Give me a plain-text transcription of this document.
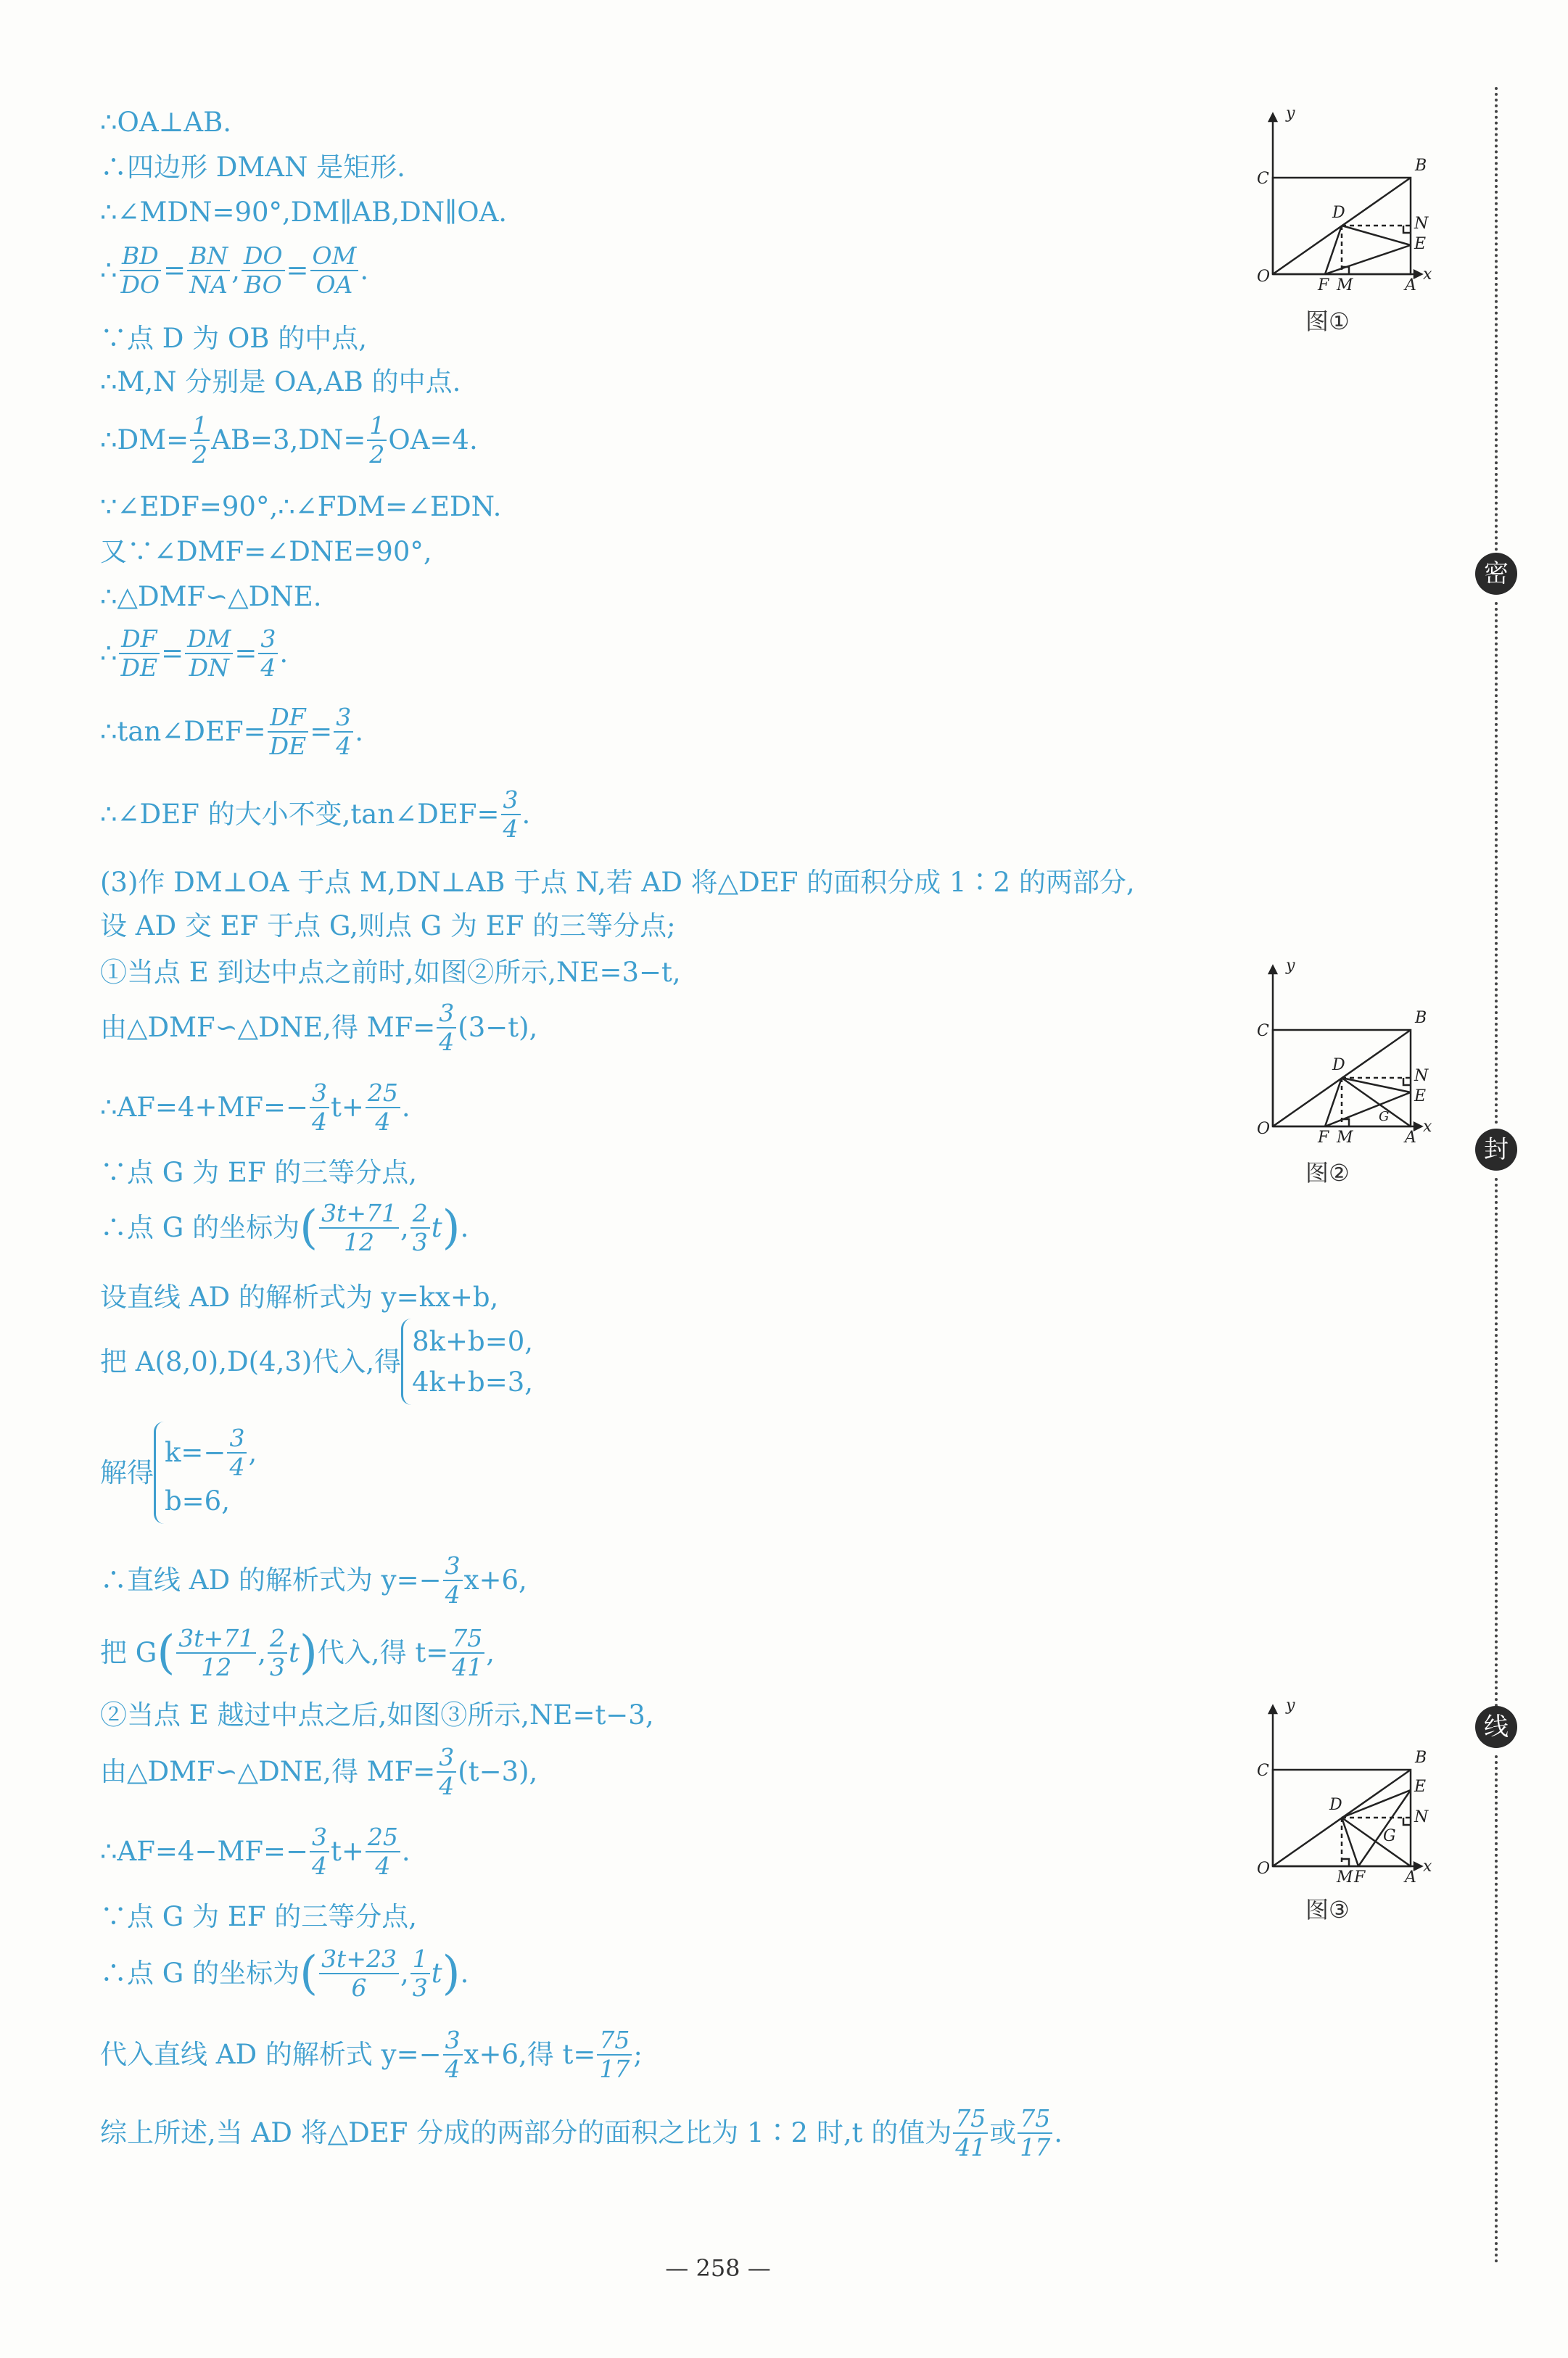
∴OA⊥AB.
∴四边形 DMAN 是矩形.
∴∠MDN=90°,DM∥AB,DN∥OA.
∴ $\frac{BD}{DO} = \frac{BN}{NA}$ , $\frac{DO}{BO} = \frac{OM}{OA}$ .
∵点 D 为 OB 的中点,
∴M,N 分别是 OA,AB 的中点.
∴DM= $\frac{1}{2} AB=3,DN= \frac{1}{2} OA=4$.
∵∠EDF=90°,∴∠FDM=∠EDN.
又∵∠DMF=∠DNE=90°,
∴△DMF∽△DNE.
∴ $\frac{DF}{DE} = \frac{DM}{DN} = \frac{3}{4}$ .
∴tan∠DEF= $\frac{DF}{DE} = \frac{3}{4}$ .
∴∠DEF 的大小不变,tan∠DEF= $\frac{3}{4}$ .
(3)作 DM⊥OA 于点 M,DN⊥AB 于点 N,若 AD 将△DEF 的面积分成 1∶2 的两部分,
设 AD 交 EF 于点 G,则点 G 为 EF 的三等分点;
①当点 E 到达中点之前时,如图②所示,NE=3−t,
由△DMF∽△DNE,得 $MF= \frac{3}{4} (3-t)$,
∴AF=4+MF=− $\frac{3}{4} t+ \frac{25}{4}$ .
∵点 G 为 EF 的三等分点,
∴点 G 的坐标为( $\frac{3t+71}{12}$ , $\frac{2}{3} t$).
设直线 AD 的解析式为 y=kx+b,
把 A(8,0),D(4,3)代入,得
8k+b=0,
4k+b=3,
解得
$k=- \frac{3}{4}$ ,
b=6,
∴直线 AD 的解析式为 $y=- \frac{3}{4} x+6$,
把 $G( \frac{3t+71}{12}$ , $\frac{2}{3} t$)代入,得 $t= \frac{75}{41}$ ,
②当点 E 越过中点之后,如图③所示,NE=t−3,
由△DMF∽△DNE,得 $MF= \frac{3}{4} (t-3)$,
∴AF=4−MF=− $\frac{3}{4} t+ \frac{25}{4}$ .
∵点 G 为 EF 的三等分点,
∴点 G 的坐标为( $\frac{3t+23}{6}$ , $\frac{1}{3} t$).
代入直线 AD 的解析式 $y=- \frac{3}{4} x+6$,得 $t= \frac{75}{17}$ ;
综上所述,当 AD 将△DEF 分成的两部分的面积之比为 1∶2 时,t 的值为 $\frac{75}{41}$ 或 $\frac{75}{17}$ .
y
x
O
C
B
A
D
N
E
F M
图①
y
x
O
C
B
A
D
N
E
F M
G
图②
y
x
O
C
B
A
D
N
E
F
M
G
图③
密
封
线
— 258 —
